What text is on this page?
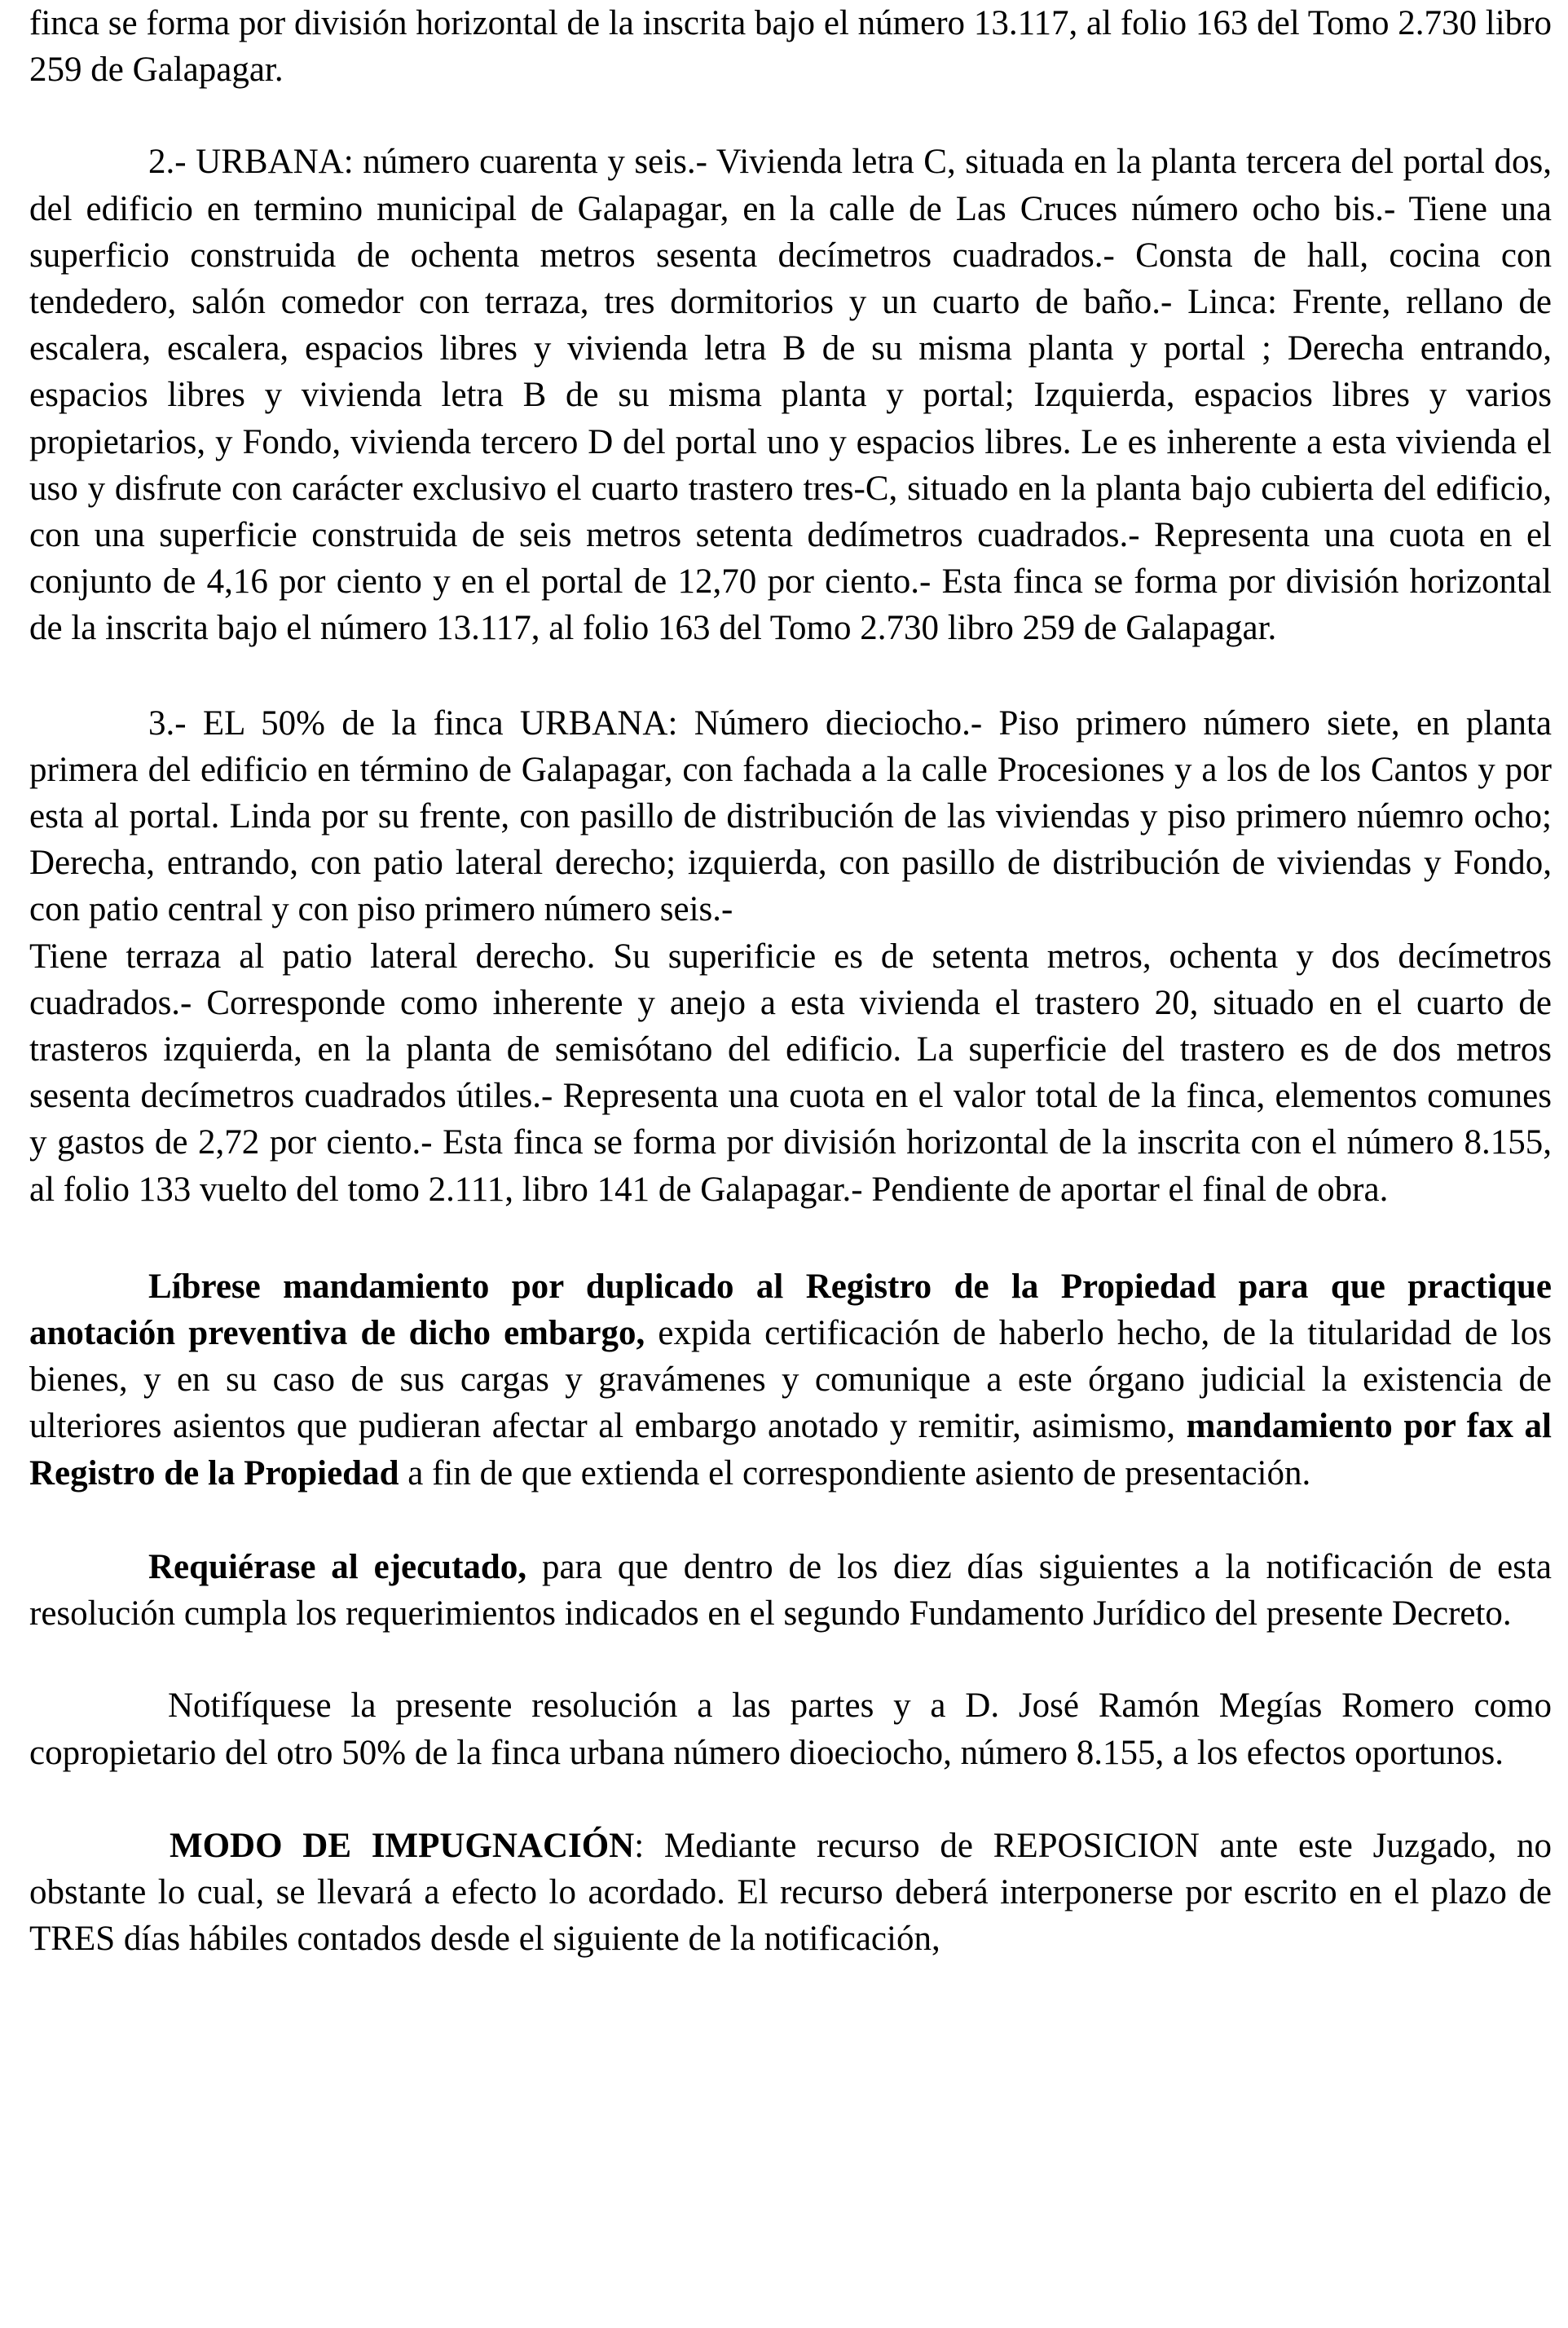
finca se forma por división horizontal de la inscrita bajo el número 13.117, al folio 163 del Tomo 2.730 libro 259 de Galapagar.

2.- URBANA: número cuarenta y seis.- Vivienda letra C, situada en la planta tercera del portal dos, del edificio en termino municipal de Galapagar, en la calle de Las Cruces número ocho bis.- Tiene una superficio construida de ochenta metros sesenta decímetros cuadrados.- Consta de hall, cocina con tendedero, salón comedor con terraza, tres dormitorios y un cuarto de baño.- Linca: Frente, rellano de escalera, escalera, espacios libres y vivienda letra B de su misma planta y portal ; Derecha entrando, espacios libres y vivienda letra B de su misma planta y portal; Izquierda, espacios libres y varios propietarios, y Fondo, vivienda tercero D del portal uno y espacios libres. Le es inherente a esta vivienda el uso y disfrute con carácter exclusivo el cuarto trastero tres-C, situado en la planta bajo cubierta del edificio, con una superficie construida de seis metros setenta dedímetros cuadrados.- Representa una cuota en el conjunto de 4,16 por ciento y en el portal de 12,70 por ciento.- Esta finca se forma por división horizontal de la inscrita bajo el número 13.117, al folio 163 del Tomo 2.730 libro 259 de Galapagar.

3.- EL 50% de la finca URBANA: Número dieciocho.- Piso primero número siete, en planta primera del edificio en término de Galapagar, con fachada a la calle Procesiones y a los de los Cantos y por esta al portal. Linda por su frente, con pasillo de distribución de las viviendas y piso primero núemro ocho; Derecha, entrando, con patio lateral derecho; izquierda, con pasillo de distribución de viviendas y Fondo, con patio central y con piso primero número seis.-

Tiene terraza al patio lateral derecho. Su superificie es de setenta metros, ochenta y dos decímetros cuadrados.- Corresponde como inherente y anejo a esta vivienda el trastero 20, situado en el cuarto de trasteros izquierda, en la planta de semisótano del edificio. La superficie del trastero es de dos metros sesenta decímetros cuadrados útiles.- Representa una cuota en el valor total de la finca, elementos comunes y gastos de 2,72 por ciento.- Esta finca se forma por división horizontal de la inscrita con el número 8.155, al folio 133 vuelto del tomo 2.111, libro 141 de Galapagar.- Pendiente de aportar el final de obra.

Líbrese mandamiento por duplicado al Registro de la Propiedad para que practique anotación preventiva de dicho embargo, expida certificación de haberlo hecho, de la titularidad de los bienes, y en su caso de sus cargas y gravámenes y comunique a este órgano judicial la existencia de ulteriores asientos que pudieran afectar al embargo anotado y remitir, asimismo, mandamiento por fax al Registro de la Propiedad a fin de que extienda el correspondiente asiento de presentación.

Requiérase al ejecutado, para que dentro de los diez días siguientes a la notificación de esta resolución cumpla los requerimientos indicados en el segundo Fundamento Jurídico del presente Decreto.

Notifíquese la presente resolución a las partes y a D. José Ramón Megías Romero como copropietario del otro 50% de la finca urbana número dioeciocho, número 8.155, a los efectos oportunos.

MODO DE IMPUGNACIÓN: Mediante recurso de REPOSICION ante este Juzgado, no obstante lo cual, se llevará a efecto lo acordado. El recurso deberá interponerse por escrito en el plazo de TRES días hábiles contados desde el siguiente de la notificación,
